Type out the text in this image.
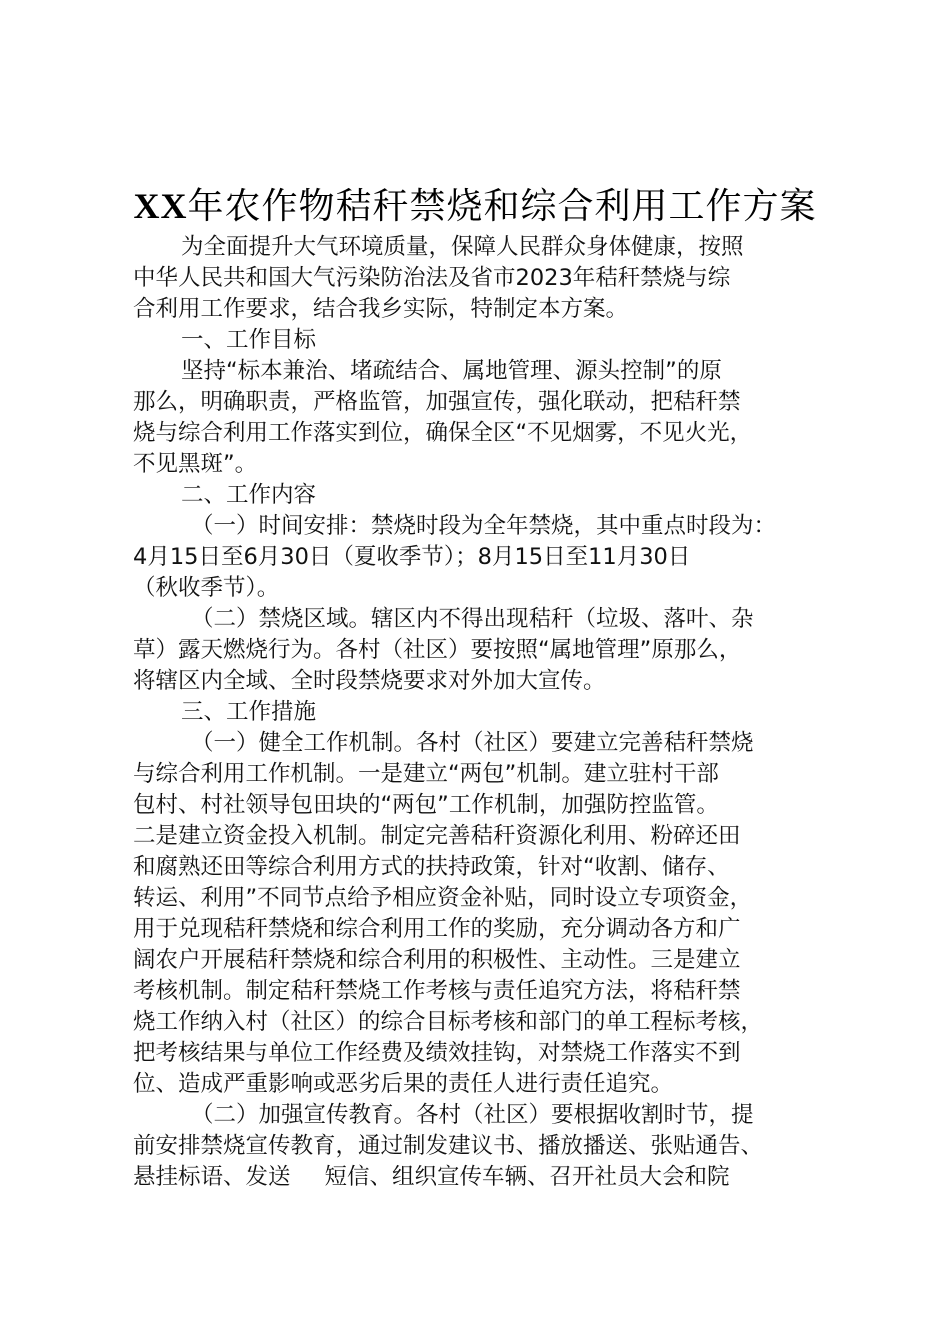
XX年农作物秸秆禁烧和综合利用工作方案
为全面提升大气环境质量，保障人民群众身体健康，按照
中华人民共和国大气污染防治法及省市2023年秸秆禁烧与综
合利用工作要求，结合我乡实际，特制定本方案。
一、工作目标
坚持“标本兼治、堵疏结合、属地管理、源头控制”的原
那么，明确职责，严格监管，加强宣传，强化联动，把秸秆禁
烧与综合利用工作落实到位，确保全区“不见烟雾，不见火光，
不见黑斑”。
二、工作内容
（一）时间安排：禁烧时段为全年禁烧，其中重点时段为：
4月15日至6月30日（夏收季节）；8月15日至11月30日
（秋收季节）。
（二）禁烧区域。辖区内不得出现秸秆（垃圾、落叶、杂
草）露天燃烧行为。各村（社区）要按照“属地管理”原那么，
将辖区内全域、全时段禁烧要求对外加大宣传。
三、工作措施
（一）健全工作机制。各村（社区）要建立完善秸秆禁烧
与综合利用工作机制。一是建立“两包”机制。建立驻村干部
包村、村社领导包田块的“两包”工作机制，加强防控监管。
二是建立资金投入机制。制定完善秸秆资源化利用、粉碎还田
和腐熟还田等综合利用方式的扶持政策，针对“收割、储存、
转运、利用”不同节点给予相应资金补贴，同时设立专项资金，
用于兑现秸秆禁烧和综合利用工作的奖励，充分调动各方和广
阔农户开展秸秆禁烧和综合利用的积极性、主动性。三是建立
考核机制。制定秸秆禁烧工作考核与责任追究方法，将秸秆禁
烧工作纳入村（社区）的综合目标考核和部门的单工程标考核，
把考核结果与单位工作经费及绩效挂钩，对禁烧工作落实不到
位、造成严重影响或恶劣后果的责任人进行责任追究。
（二）加强宣传教育。各村（社区）要根据收割时节，提
前安排禁烧宣传教育，通过制发建议书、播放播送、张贴通告、
悬挂标语、发送 短信、组织宣传车辆、召开社员大会和院
